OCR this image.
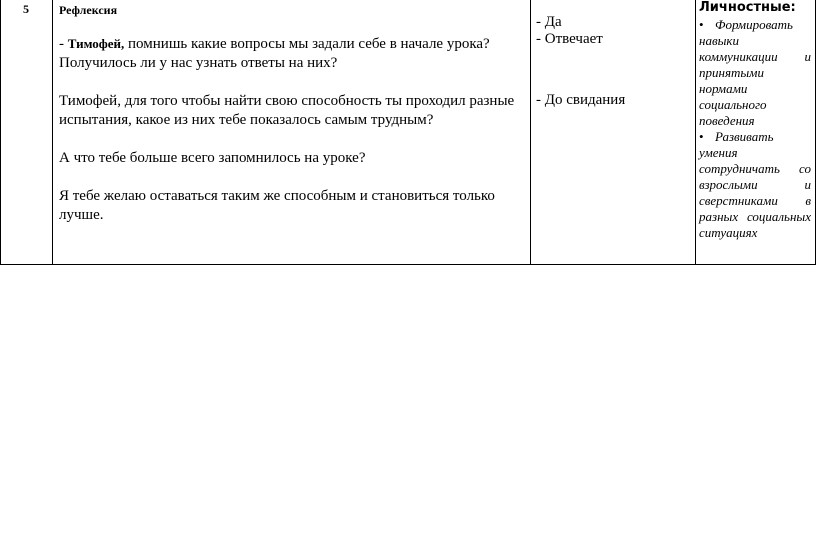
5	Рефлексия

- Тимофей, помнишь какие вопросы мы задали себе в начале урока?
Получилось ли у нас узнать ответы на них?

Тимофей, для того чтобы найти свою способность ты проходил разные испытания, какое из них тебе показалось самым трудным?

А что тебе больше всего запомнилось на уроке?

Я тебе желаю оставаться таким же способным и становиться только лучше.

- Да
- Отвечает
- До свидания
Личностные:
• Формировать
навыки коммуникации и принятыми нормами социального поведения
• Развивать
умения сотрудничать со взрослыми и сверстниками в разных социальных ситуациях
